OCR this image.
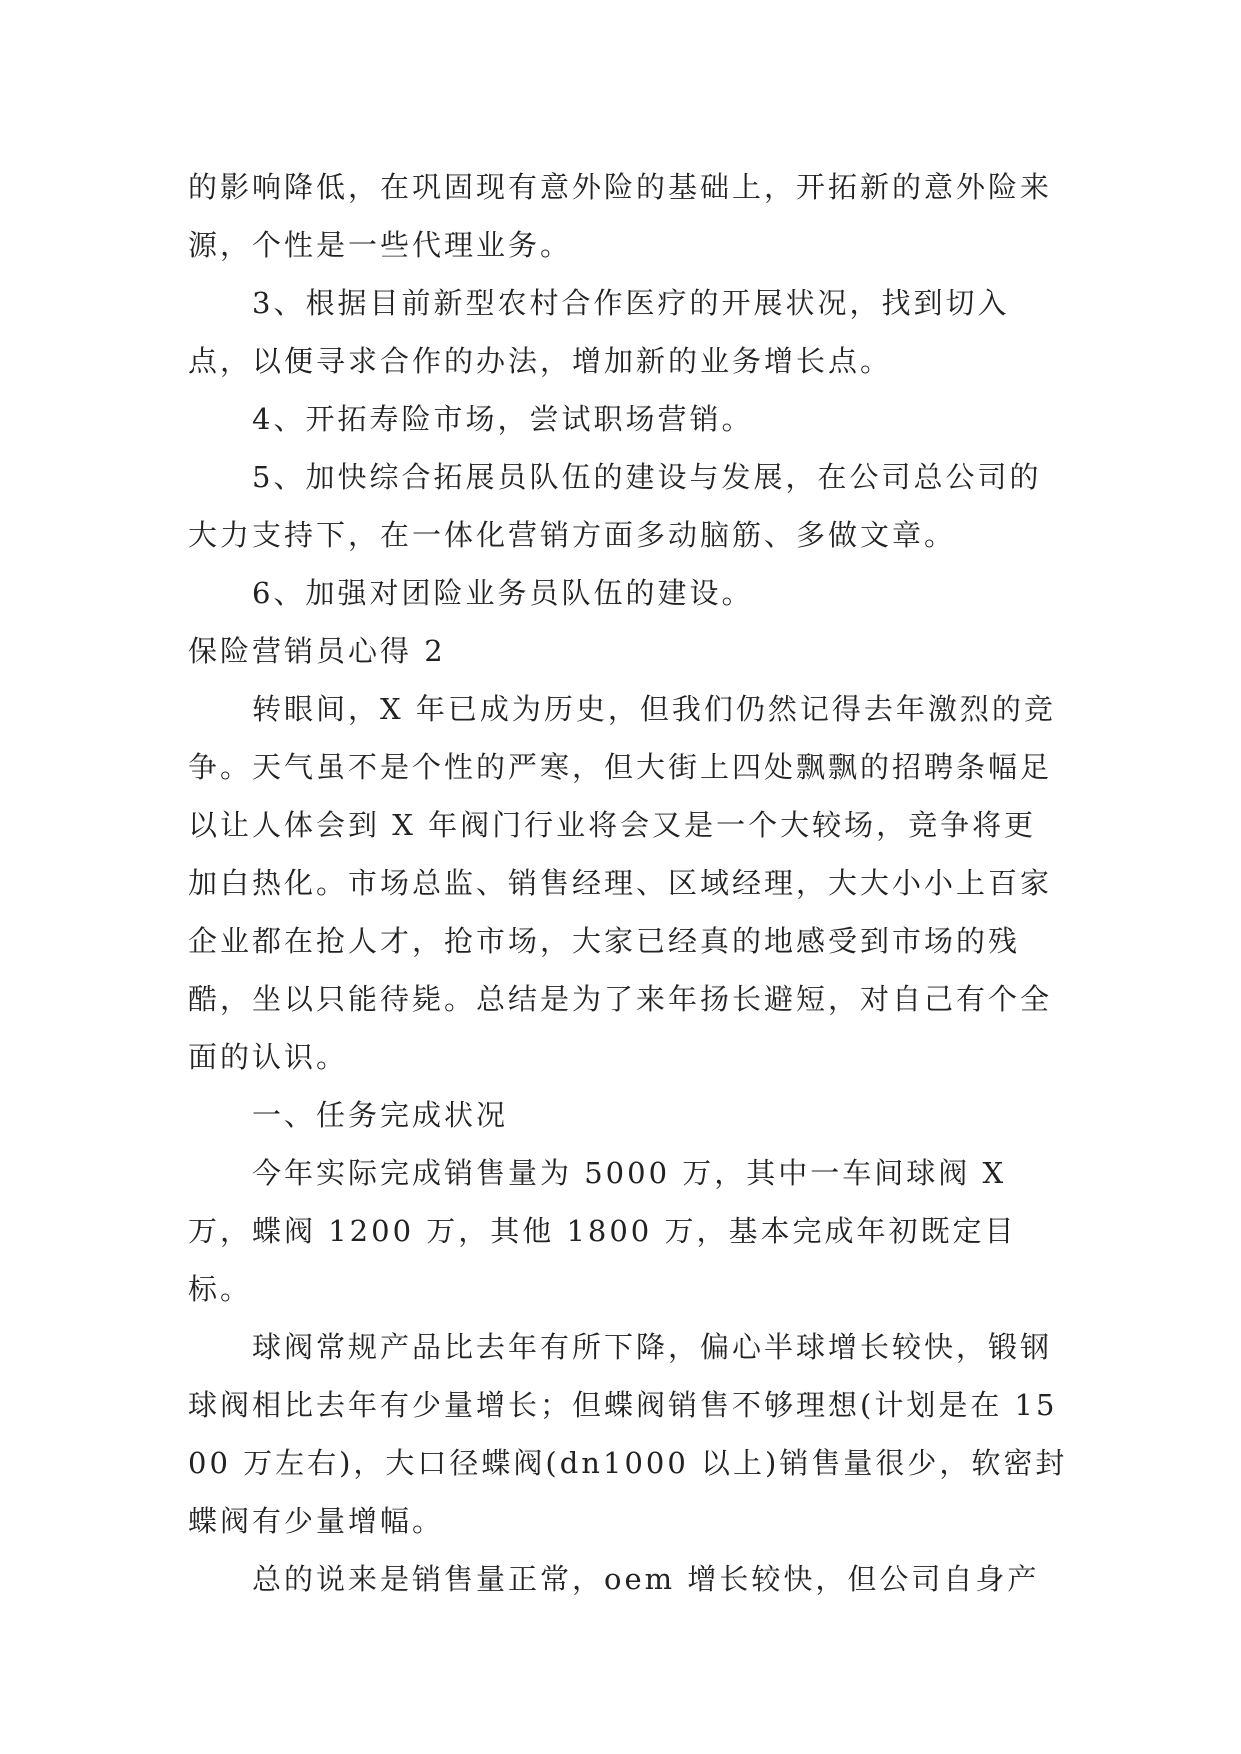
的影响降低，在巩固现有意外险的基础上，开拓新的意外险来源，个性是一些代理业务。

3、根据目前新型农村合作医疗的开展状况，找到切入点，以便寻求合作的办法，增加新的业务增长点。

4、开拓寿险市场，尝试职场营销。

5、加快综合拓展员队伍的建设与发展，在公司总公司的大力支持下，在一体化营销方面多动脑筋、多做文章。

6、加强对团险业务员队伍的建设。

保险营销员心得 2

转眼间，X 年已成为历史，但我们仍然记得去年激烈的竞争。天气虽不是个性的严寒，但大街上四处飘飘的招聘条幅足以让人体会到 X 年阀门行业将会又是一个大较场，竞争将更加白热化。市场总监、销售经理、区域经理，大大小小上百家企业都在抢人才，抢市场，大家已经真的地感受到市场的残酷，坐以只能待毙。总结是为了来年扬长避短，对自己有个全面的认识。

一、任务完成状况

今年实际完成销售量为 5000 万，其中一车间球阀 X 万，蝶阀 1200 万，其他 1800 万，基本完成年初既定目标。

球阀常规产品比去年有所下降，偏心半球增长较快，锻钢球阀相比去年有少量增长；但蝶阀销售不够理想(计划是在 1500 万左右)，大口径蝶阀(dn1000 以上)销售量很少，软密封蝶阀有少量增幅。

总的说来是销售量正常，oem 增长较快，但公司自身产
